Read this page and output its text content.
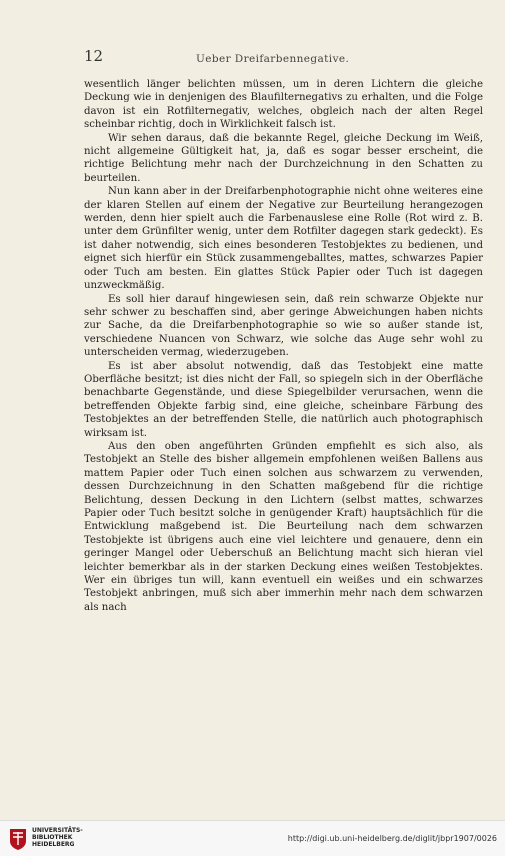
12	Ueber Dreifarbennegative.

wesentlich länger belichten müssen, um in deren Lichtern die gleiche Deckung wie in denjenigen des Blaufilternegativs zu erhalten, und die Folge davon ist ein Rotfilternegativ, welches, obgleich nach der alten Regel scheinbar richtig, doch in Wirklichkeit falsch ist.

Wir sehen daraus, daß die bekannte Regel, gleiche Deckung im Weiß, nicht allgemeine Gültigkeit hat, ja, daß es sogar besser erscheint, die richtige Belichtung mehr nach der Durchzeichnung in den Schatten zu beurteilen.

Nun kann aber in der Dreifarbenphotographie nicht ohne weiteres eine der klaren Stellen auf einem der Negative zur Beurteilung herangezogen werden, denn hier spielt auch die Farbenauslese eine Rolle (Rot wird z. B. unter dem Grünfilter wenig, unter dem Rotfilter dagegen stark gedeckt). Es ist daher notwendig, sich eines besonderen Testobjektes zu bedienen, und eignet sich hierfür ein Stück zusammengeballtes, mattes, schwarzes Papier oder Tuch am besten. Ein glattes Stück Papier oder Tuch ist dagegen unzweckmäßig.

Es soll hier darauf hingewiesen sein, daß rein schwarze Objekte nur sehr schwer zu beschaffen sind, aber geringe Abweichungen haben nichts zur Sache, da die Dreifarbenphotographie so wie so außer stande ist, verschiedene Nuancen von Schwarz, wie solche das Auge sehr wohl zu unterscheiden vermag, wiederzugeben.

Es ist aber absolut notwendig, daß das Testobjekt eine matte Oberfläche besitzt; ist dies nicht der Fall, so spiegeln sich in der Oberfläche benachbarte Gegenstände, und diese Spiegelbilder verursachen, wenn die betreffenden Objekte farbig sind, eine gleiche, scheinbare Färbung des Testobjektes an der betreffenden Stelle, die natürlich auch photographisch wirksam ist.

Aus den oben angeführten Gründen empfiehlt es sich also, als Testobjekt an Stelle des bisher allgemein empfohlenen weißen Ballens aus mattem Papier oder Tuch einen solchen aus schwarzem zu verwenden, dessen Durchzeichnung in den Schatten maßgebend für die richtige Belichtung, dessen Deckung in den Lichtern (selbst mattes, schwarzes Papier oder Tuch besitzt solche in genügender Kraft) hauptsächlich für die Entwicklung maßgebend ist. Die Beurteilung nach dem schwarzen Testobjekte ist übrigens auch eine viel leichtere und genauere, denn ein geringer Mangel oder Ueberschuß an Belichtung macht sich hieran viel leichter bemerkbar als in der starken Deckung eines weißen Testobjektes. Wer ein übriges tun will, kann eventuell ein weißes und ein schwarzes Testobjekt anbringen, muß sich aber immerhin mehr nach dem schwarzen als nach

UNIVERSITÄTS-
BIBLIOTHEK
HEIDELBERG
http://digi.ub.uni-heidelberg.de/diglit/jbpr1907/0026
